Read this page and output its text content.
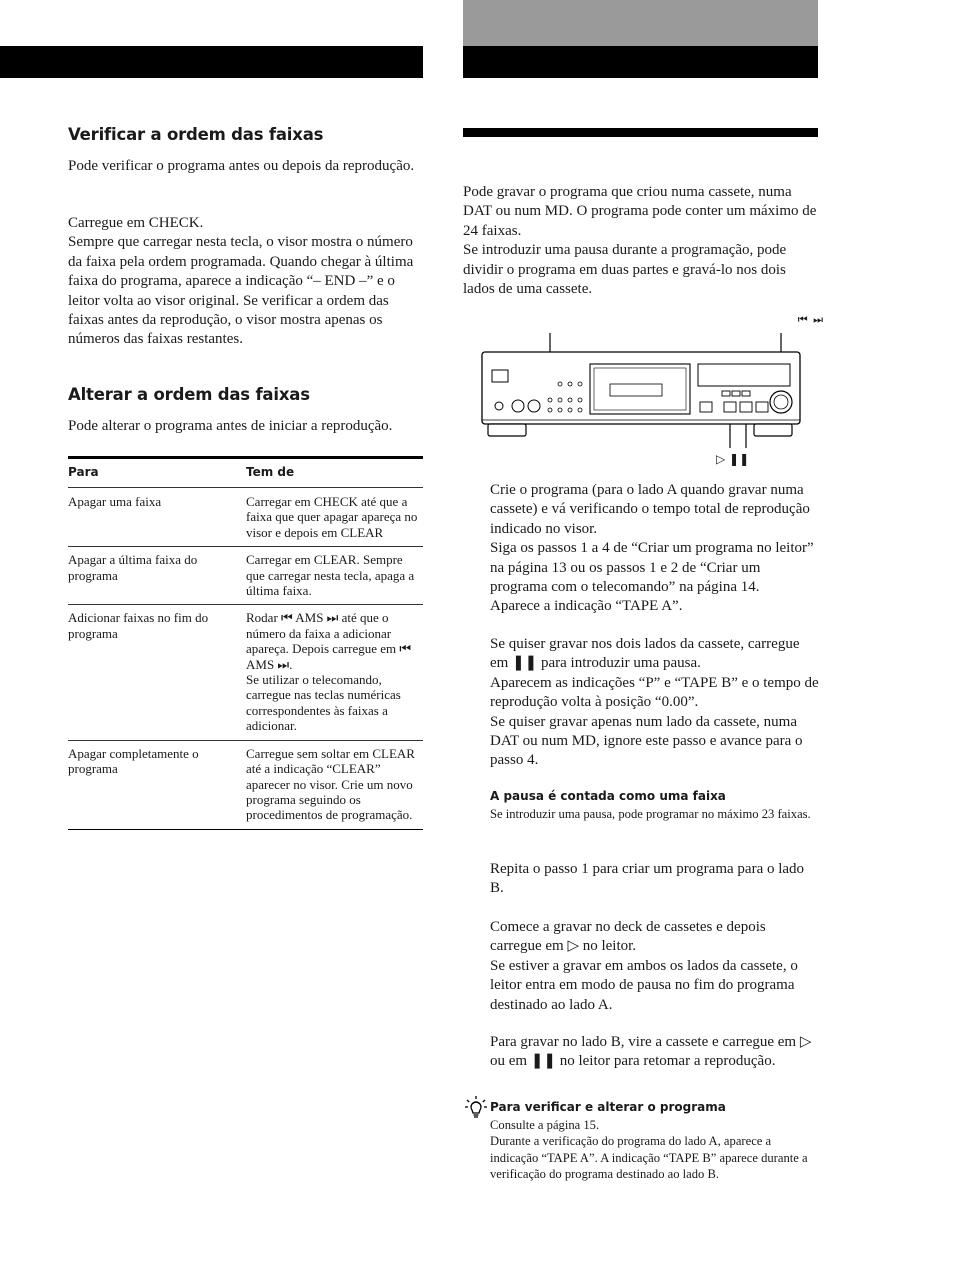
Verificar a ordem das faixas

Pode verificar o programa antes ou depois da reprodução.

Carregue em CHECK.
Sempre que carregar nesta tecla, o visor mostra o número da faixa pela ordem programada. Quando chegar à última faixa do programa, aparece a indicação “– END –” e o leitor volta ao visor original. Se verificar a ordem das faixas antes da reprodução, o visor mostra apenas os números das faixas restantes.

Alterar a ordem das faixas

Pode alterar o programa antes de iniciar a reprodução.

Para	Tem de
Apagar uma faixa	Carregar em CHECK até que a faixa que quer apagar apareça no visor e depois em CLEAR
Apagar a última faixa do programa	Carregar em CLEAR. Sempre que carregar nesta tecla, apaga a última faixa.
Adicionar faixas no fim do programa	Rodar ⏮ AMS ⏭ até que o número da faixa a adicionar apareça. Depois carregue em ⏮ AMS ⏭.
Se utilizar o telecomando, carregue nas teclas numéricas correspondentes às faixas a adicionar.
Apagar completamente o programa	Carregue sem soltar em CLEAR até a indicação “CLEAR” aparecer no visor. Crie um novo programa seguindo os procedimentos de programação.

Pode gravar o programa que criou numa cassete, numa DAT ou num MD. O programa pode conter um máximo de 24 faixas.
Se introduzir uma pausa durante a programação, pode dividir o programa em duas partes e gravá-lo nos dois lados de uma cassete.

⏮ ⏭
▷ ❚❚

Crie o programa (para o lado A quando gravar numa cassete) e vá verificando o tempo total de reprodução indicado no visor.
Siga os passos 1 a 4 de “Criar um programa no leitor” na página 13 ou os passos 1 e 2 de “Criar um programa com o telecomando” na página 14.
Aparece a indicação “TAPE A”.

Se quiser gravar nos dois lados da cassete, carregue em ❚❚ para introduzir uma pausa.
Aparecem as indicações “P” e “TAPE B” e o tempo de reprodução volta à posição “0.00”.
Se quiser gravar apenas num lado da cassete, numa DAT ou num MD, ignore este passo e avance para o passo 4.

A pausa é contada como uma faixa

Se introduzir uma pausa, pode programar no máximo 23 faixas.

Repita o passo 1 para criar um programa para o lado B.

Comece a gravar no deck de cassetes e depois carregue em ▷ no leitor.
Se estiver a gravar em ambos os lados da cassete, o leitor entra em modo de pausa no fim do programa destinado ao lado A.

Para gravar no lado B, vire a cassete e carregue em ▷ ou em ❚❚ no leitor para retomar a reprodução.

Para verificar e alterar o programa

Consulte a página 15.
Durante a verificação do programa do lado A, aparece a indicação “TAPE A”. A indicação “TAPE B” aparece durante a verificação do programa destinado ao lado B.
